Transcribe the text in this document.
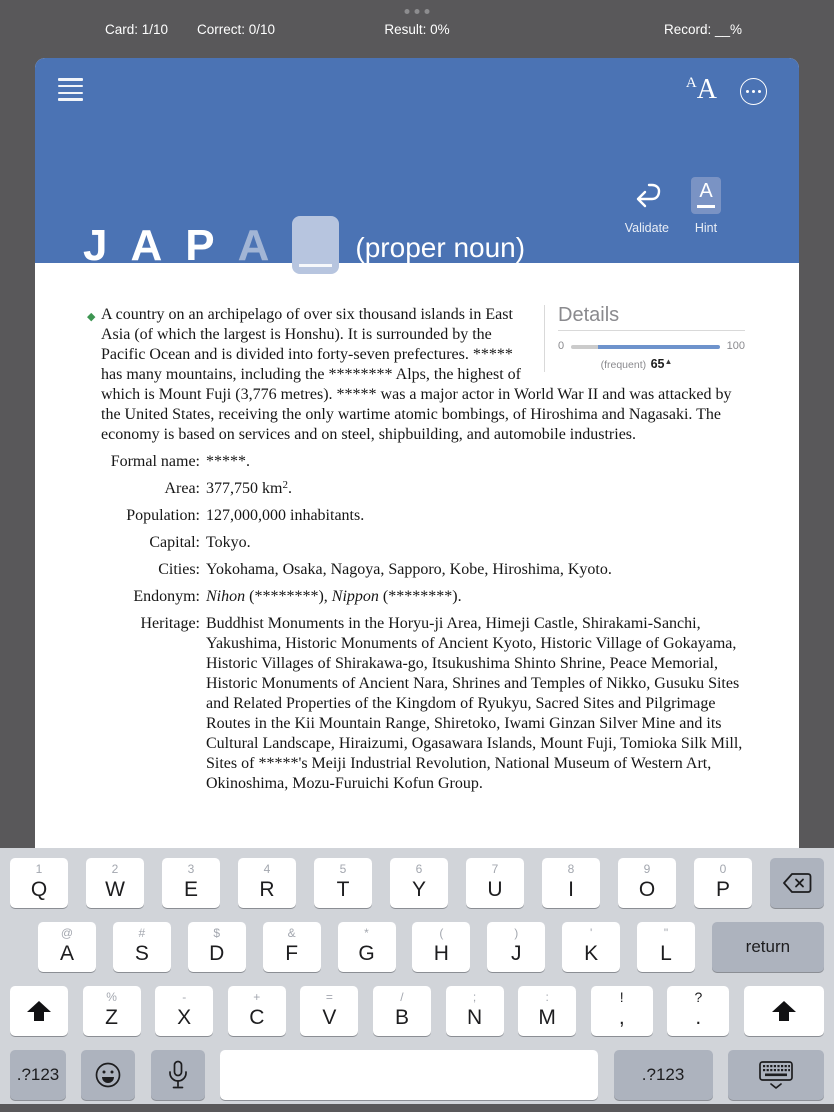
Card: 1/10 Correct: 0/10	Result: 0%	Record: __%
AA
J A P A	(proper noun)
Validate
A
Hint
Details
0	100
(frequent) 65▲
◆ A country on an archipelago of over six thousand islands in East Asia (of which the largest is Honshu). It is surrounded by the Pacific Ocean and is divided into forty-seven prefectures. ***** has many mountains, including the ******** Alps, the highest of which is Mount Fuji (3,776 metres). ***** was a major actor in World War II and was attacked by the United States, receiving the only wartime atomic bombings, of Hiroshima and Nagasaki. The economy is based on services and on steel, shipbuilding, and automobile industries.
Formal name: *****.
Area: 377,750 $km^2$.
Population: 127,000,000 inhabitants.
Capital: Tokyo.
Cities: Yokohama, Osaka, Nagoya, Sapporo, Kobe, Hiroshima, Kyoto.
Endonym: Nihon (********), Nippon (********).
Heritage: Buddhist Monuments in the Horyu-ji Area, Himeji Castle, Shirakami-Sanchi, Yakushima, Historic Monuments of Ancient Kyoto, Historic Village of Gokayama, Historic Villages of Shirakawa-go, Itsukushima Shinto Shrine, Peace Memorial, Historic Monuments of Ancient Nara, Shrines and Temples of Nikko, Gusuku Sites and Related Properties of the Kingdom of Ryukyu, Sacred Sites and Pilgrimage Routes in the Kii Mountain Range, Shiretoko, Iwami Ginzan Silver Mine and its Cultural Landscape, Hiraizumi, Ogasawara Islands, Mount Fuji, Tomioka Silk Mill, Sites of *****'s Meiji Industrial Revolution, National Museum of Western Art, Okinoshima, Mozu-Furuichi Kofun Group.
1
Q
2
W
3
E
4
R
5
T
6
Y
7
U
8
I
9
O
0
P
@
A
#
S
$
D
&
F
*
G
(
H
)
J
'
K
"
L	return
%
Z
-
X
+
C
=
V
/
B
;
N
:
M
!
,
?
.
.?123	.?123
